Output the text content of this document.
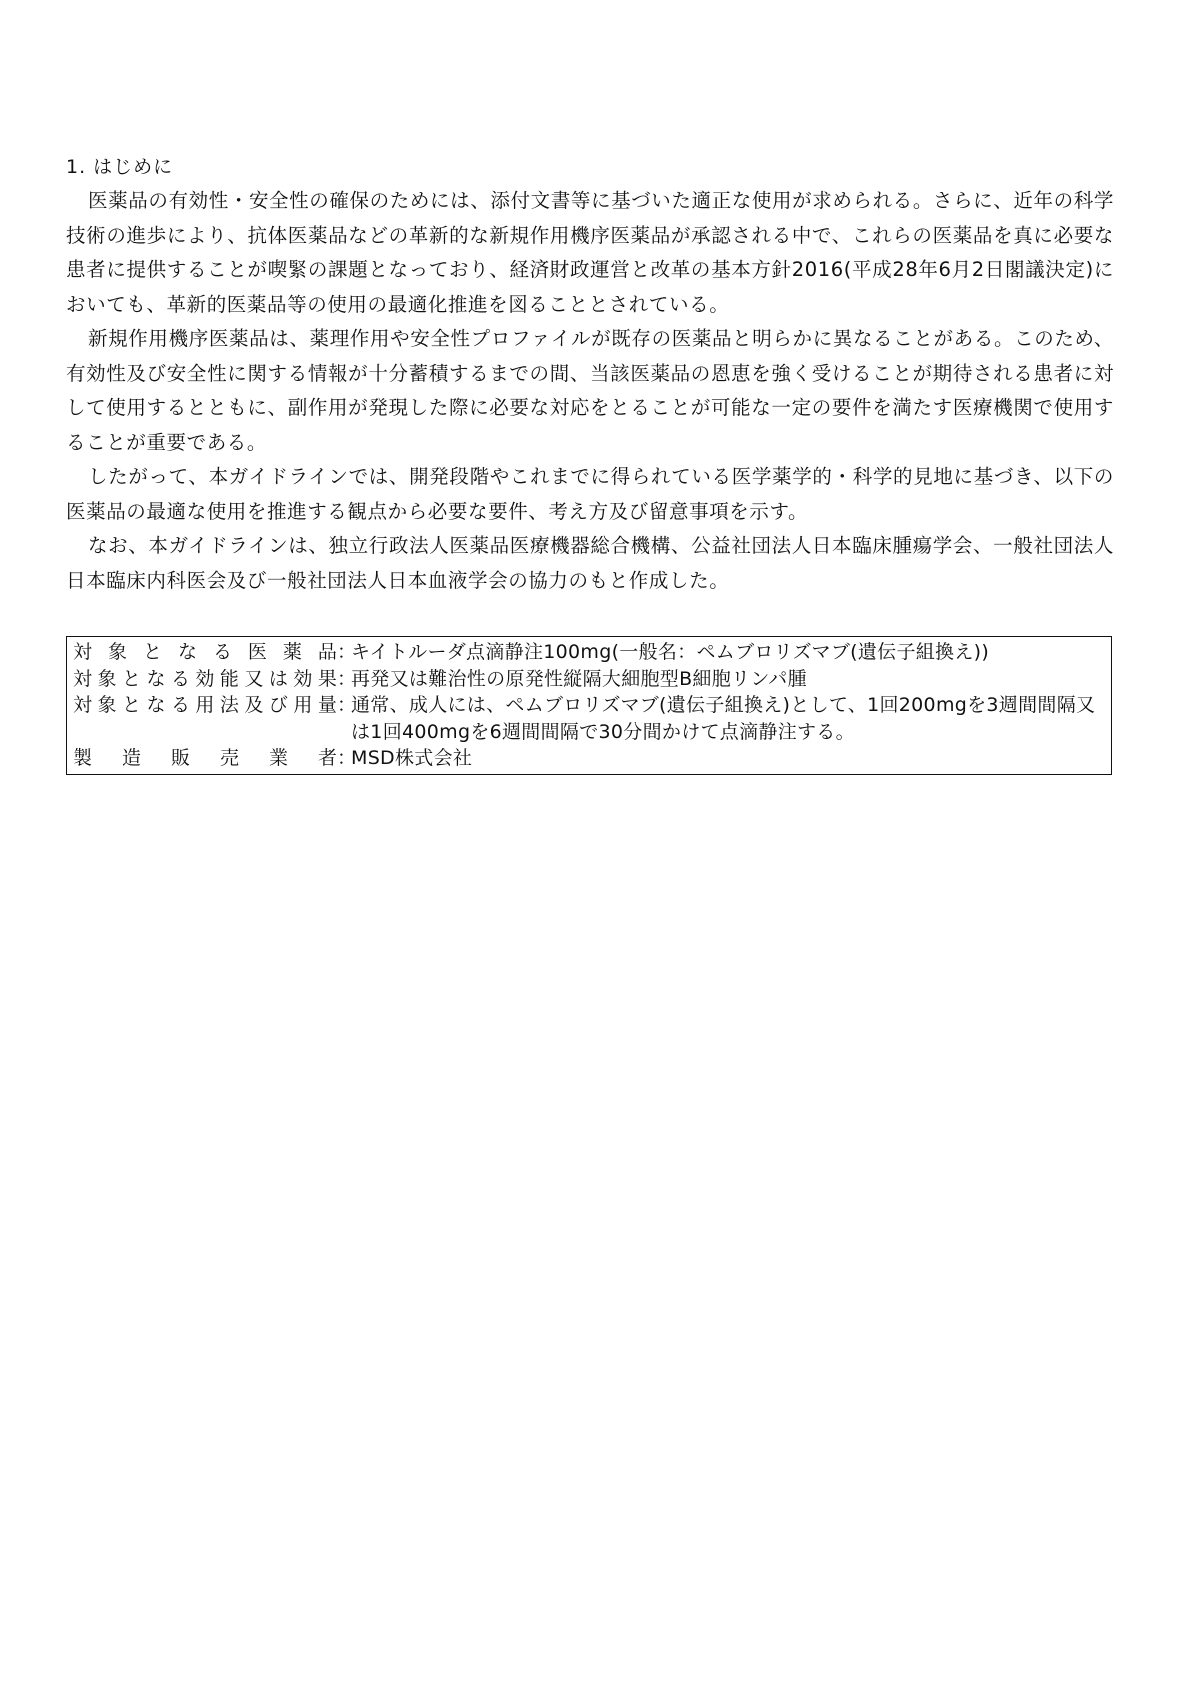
1. はじめに

医薬品の有効性・安全性の確保のためには、添付文書等に基づいた適正な使用が求められる。さらに、近年の科学技術の進歩により、抗体医薬品などの革新的な新規作用機序医薬品が承認される中で、これらの医薬品を真に必要な患者に提供することが喫緊の課題となっており、経済財政運営と改革の基本方針2016(平成28年6月2日閣議決定)においても、革新的医薬品等の使用の最適化推進を図ることとされている。

新規作用機序医薬品は、薬理作用や安全性プロファイルが既存の医薬品と明らかに異なることがある。このため、有効性及び安全性に関する情報が十分蓄積するまでの間、当該医薬品の恩恵を強く受けることが期待される患者に対して使用するとともに、副作用が発現した際に必要な対応をとることが可能な一定の要件を満たす医療機関で使用することが重要である。

したがって、本ガイドラインでは、開発段階やこれまでに得られている医学薬学的・科学的見地に基づき、以下の医薬品の最適な使用を推進する観点から必要な要件、考え方及び留意事項を示す。

なお、本ガイドラインは、独立行政法人医薬品医療機器総合機構、公益社団法人日本臨床腫瘍学会、一般社団法人日本臨床内科医会及び一般社団法人日本血液学会の協力のもと作成した。

対 象 と な る 医 薬 品 ：
キイトルーダ点滴静注100mg(一般名：ペムブロリズマブ(遺伝子組換え))
対 象 と な る 効 能 又 は 効 果 ：
再発又は難治性の原発性縦隔大細胞型B細胞リンパ腫
対 象 と な る 用 法 及 び 用 量 ：
通常、成人には、ペムブロリズマブ(遺伝子組換え)として、1回200mgを3週間間隔又は1回400mgを6週間間隔で30分間かけて点滴静注する。
製 造 販 売 業 者 ：
MSD株式会社
